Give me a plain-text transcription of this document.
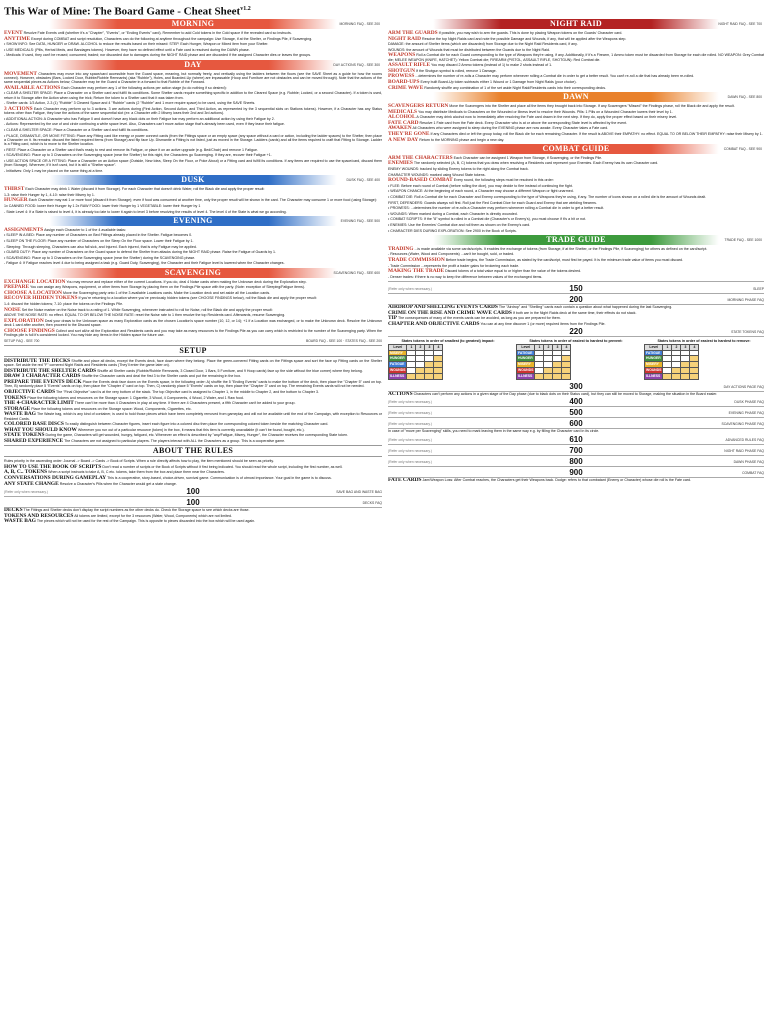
This War of Mine: The Board Game - Cheat Sheet$^{v1.2}$
MORNING	MORNING FAQ - SEE 200

EVENT Resolve Fate Events until (whether it's a "Chapter", "Events", or "Ending Events" card). Remember to add Cold tokens in the Cold space if the revealed card so instructs.

ANYTIME Except during COMBAT and script resolution, Characters can do the following at anytime throughout the campaign: Use Storage, if at the Shelter, or Findings Pile, if Scavenging.

• SHOW INFO: See DATA, HUNGER or DRAW. ALCOHOL to reduce the results based on their missed: STEP. Each Hunger, Weapon or Mixed item from your Shelter.

• USE MEDICALS: (Pills, Herbal Meds, and Bandages tokens). However, they have no defined effect until a Fate card is resolved during the DAWN phase.

- Medicals: If used, they can't be reused; consumed; traded; nor discarded due to damages during the NIGHT RAID phase and are discarded if the assigned Character dies or leaves the groups.

DAY	DAY ACTIONS FAQ - SEE 300

MOVEMENT Characters may move into any space/card accessible from the Guard space, meaning, but normally freely, and vertically using the ladders between the floors (see the SAVE Sheet as a guide for how the rooms connect). However, obstacles (Bars, Locked Door, Rubble/Rubble Remnants) (aka "Rubble"), Holes, and Boarded-Up (where) are impassable (Hoop and Furniture are not obstacles and can be moved through). Note that the actions of the same sequential pieces as Actions below; Character may be the Guard a Character in a forward to that Rubble of the Forward.

AVAILABLE ACTIONS Each Character may perform any 1 of the following actions per action stage (to do nothing if so desired):

• CLEAR A SHELTER SPACE: Place a Character on a Shelter card and fulfill its conditions. Some Shelter cards require something specific in addition to the Cleared Space (e.g. Rubble; Locked, or a second Character). If a token is used, return it to Storage after the Action when using the trick; Return the token to a Shelter card that it was taken from.

- Shelter cards: 1/3 Action, 2-3 (1) "Rubble" 3 Cleared Space and 4 "Rubble" cards (2 "Rubble" and 1 more require space) to be used, using the SAVE Sheets.

3 ACTIONS Each Character may perform up to 3 actions. 3 are actions during (First Action, Second Action, and Third Action, as represented by the 3 sequential slots on Stations tokens). However, if a Character has any Status tokens other than Fatigue, they lose the actions of the same sequential slot (ex: a Character with 2 Misery loses their 2nd and 3rd actions).

• ADDITIONAL ACTION: A Character who has Fatigue 0 and doesn't have any black dots on their Fatigue bar may perform an additional action by using their Fatigue by 2.

- Actions: Represented by the use of and circle continuing a white space level. Also, Characters can't move action stage that's already been used, even if they leave their fatigue.

• CLEAR A SHELTER SPACE: Place a Character on a Shelter card and fulfill its conditions.

• PLACE, DISMANTLE, OR MOVE FITTING: Place any Fitting card like energy or power connect cards (from the Fittings space or an empty space (any space without a card or action, including the ladder spaces) to the Shelter, then place a Character on it. Its remains: discard the listed required items (from Storage) and flip face Up. Dismantle a Fitting is not listed, just as moved in the Storage. Ladders (cards) and all the items required to craft that Fitting to Storage. Ladder is a Fitting card, which is to move to the Shelter location.

• REST: Place a Character on a Shelter card that's ready to rest and remove its Fatigue, or place it on an active upgrade (e.g. Bed/Chair) and remove 1 Fatigue.

• SCAVENGING: Place up to 3 Characters on the Scavenging space (near the Shelter) for this night, the Characters go Scavenging. If they are, recover their Fatigue +1.

• USE ACTION SPACE OR A FITTING: Place a Character on an Action space (Outside, New Idea, Sleep On the Floor, or Poke About) or a Fitting card and fulfill its conditions. If any items are required to use the space/card, discard them (from Storage). Wherever, if it isn't used, but it is still a "Shelter space".

- Initiatives: Only 1 may be placed on the same thing at a time.

DUSK	DUSK FAQ - SEE 400

THIRST Each Character may drink 1 Water (discard it from Storage). For each Character that doesn't drink Water, roll the Black die and apply the proper result:

1-3: raise their Hunger by 1, 4-10: raise their Misery by 1.

HUNGER Each Character may eat 1 or more food (discard it from Storage); even if food was consumed at another time, only the proper result will be shown in the card. The Character may consume 1 or more food (using Storage):

1x CANNED FOOD: lower their Hunger by 1 2x RAW FOOD: lower their Hunger by 1 VEGETABLE: lower their Hunger by 1

- State Level 4: If a State is raised to level 4, it is already too late to lower it again to level 3 before resolving the results of level 4. The level 4 of the State is what we go according.

EVENING	EVENING FAQ - SEE 500

ASSIGNMENTS Assign each Character to 1 of the 4 available tasks:

• SLEEP IN A BED: Place any number of Characters on Bed Fittings already placed in the Shelter. Fatigue becomes 0.

• SLEEP ON THE FLOOR: Place any number of Characters on the Sleep On the Floor space. Lower their Fatigue by 1.

- Sleeping: Through sleeping, Characters can also fall sick, and Injured. Each injured, that is why Fatigue may be applied.

• GUARD DUTY: Place any number of Characters on the Guard space to defend the Shelter from attacks during the NIGHT RAID phase. Raise the Fatigue of Guards by 1.

• SCAVENGING: Place up to 3 Characters on the Scavenging space (near the Shelter) during the SCAVENGING phase.

- Fatigue 4: If Fatigue reaches level 4 due to being assigned a task (e.g. Guard Duty, Scavenging), the Character and their Fatigue level is lowered when the Character changes.

SCAVENGING	SCAVENGING FAQ - SEE 600

EXCHANGE LOCATION You may remove and replace either of the current Locations. If you do, deal 4 Noise cards when making the Unknown deck during the Exploration step.

PREPARE You can assign any Weapons, equipment, or other items from Storage by placing them on the Findings Pile space with the party. (Note: exception of Sleeping/Fatigue items).

CHOOSE A LOCATION Move the Scavenging party onto 1 of the 3 available Locations cards. Make the Location deck and set aside all the Location cards.

RECOVER HIDDEN TOKENS If you're returning to a location where you've previously hidden tokens (see CHOOSE FINDINGS below), roll the Black die and apply the proper result:

1-4: discard the hidden tokens; 7-10: place the tokens on the Findings Pile.

NOISE Set the Noise marker on the Noise track to a rating of 1. While Scavenging, whenever instructed to roll for Noise, roll the Black die and apply the proper result:

ABOVE THE NOISE RATE: no effect. EQUAL TO OR BELOW THE NOISE RATE: reset the Noise rate to 1 then resolve the top Residents card. Afterwards, resume Scavenging.

EXPLORATION Deal your draws to the Unknown space as many Exploration cards as the chosen Location's space number (10, 12, or 14); +1 if a Location was exchanged, or to make the Unknown deck. Resolve the Unknown deck 1 card after another, then proceed to the Discard space.

CHOOSE FINDINGS Collect and sort all/or all the Exploration and Residents cards and you may take as many resources to the Findings Pile as you can carry which is restricted to the number of the Scavenging party. When the Findings pile is full it's considered locked. You may hide any items in the Hidden space for future use.

SETUP FAQ - SEE 700	BOARD FAQ - SEE 100 · STATES FAQ - SEE 200
SETUP

DISTRIBUTE THE DECKS Shuffle and place all decks, except the Events deck, face down where they belong. Place the green-cornered Fitting cards on the Fittings space and sort the face up Fitting cards on the Shelter space. Set aside the red "F" cornered Night Raids and Residents cards (They'll enter the game later on).

DISTRIBUTE THE SHELTER CARDS Shuffle all Shelter cards (Rubble/Rubble Remnants, 3 Closed Door, 1 Bars, 5 Furniture, and 9 Hoop cards) face up the side without the blue corner) where they belong.

DRAW 3 CHARACTER CARDS Shuffle the Character cards and deal the first 3 to the Shelter cards and put the remaining in the box.

PREPARE THE EVENTS DECK Place the Events deck face down on the Events space, in the following order: A) shuffle the 5 "Ending Events" cards to make the bottom of the deck, then place the "Chapter 5" card on top. Then, B) randomly place 5 "Events" cards on top, then place the "Chapter 4" card on top. Then, C) randomly place 5 "Events" cards on top, then place the "Chapter 3" card on top. The remaining Events cards will not be needed.

OBJECTIVE CARDS The "Final Objective" card is at the very bottom of the stack. The top Objective card is assigned to Chapter 1, in the middle to Chapter 2, and the bottom to Chapter 3.

TOKENS Place the following tokens and resources on the Storage space: 1 Cigarette, 3 Wood, 4 Components, 4 Wood, 2 Water, and 1 Raw food.

THE 4-CHARACTER LIMIT There can't be more than 4 Characters in play at any time. If there are 4 Characters present, a fifth Character can't be added to your group.

STORAGE Place the following tokens and resources on the Storage space: Wood, Components, Cigarettes, etc.

WASTE BAG The Waste bag, which is any kind of container, is used to hold those pieces which have been completely removed from gameplay and will not be available until the end of the Campaign, with exception to Resources or Resident Cards.

COLORED BASE DISCS To easily distinguish between Character figures, insert each figure into a colored disc then place the corresponding colored token beside the matching Character card.

WHAT YOU SHOULD KNOW Whenever you run out of a particular resource (token) in the box, it means that this item is currently unavailable (it can't be found, bought, etc.).

STATE TOKENS During the game, Characters will get wounded, hungry, fatigued, etc. Whenever an effect is described by "any/Fatigue, Misery, Hunger", the Character receives the corresponding State token.

SHARED EXPERIENCE The Characters are not assigned to particular players. The players interact with ALL the Characters as a group. This is a cooperative game.

ABOUT THE RULES

Rules priority in the ascending order: Journal -> Board -> Cards -> Book of Scripts. When a rule directly affects how to play, the item mentioned should be seen as priority.

HOW TO USE THE BOOK OF SCRIPTS Don't read a number of scripts or the Book of Scripts without it first being indicated. You should read the whole script, including the first number, as well.

A, B, C.. TOKENS When a script instructs to take A, B, C etc. tokens, take them from the box and place them near the Characters.

CONVERSATIONS DURING GAMEPLAY This is a cooperative, story-based, choice-driven, survival game. Communication is of utmost importance. Your goal in the game is to discuss.

ANY STATE CHANGE Resolve a Character's Pills when the Character would get a state change.

(Refer only when necessary.)	100	SAVE BAG AND WASTE BAG
100	DECKS FAQ

DECKS The Fittings and Shelter decks don't display the script numbers as the other decks do. Check the Storage space to see which decks are those.

TOKENS AND RESOURCES All tokens are limited, except for the 3 resources (Water, Wood, Components) which are not limited.

WASTE BAG The pieces which will not be used for the rest of the Campaign. This is opposite to pieces discarded into the box which will be used again.

NIGHT RAID	NIGHT RAID FAQ - SEE 700

ARM THE GUARDS If possible, you may wish to arm the guards. This is done by placing Weapon tokens on the Guards' Character card.

NIGHT RAID Resolve the top Night Raids card and note the possible Damage and Wounds, if any, that will be applied after the Weapons step.

DAMAGE: the amount of Shelter items (which are discarded) from Storage due to the Night Raid Residents card, if any.

WOUNDS: the amount of Wounds that must be distributed between the Guards due to the Night Raid.

WEAPONS Roll a Combat die for each Guard corresponding to the type of Weapons they're using, if any. Additionally, if it's a Firearm, 1 Ammo token must be discarded from Storage for each die rolled. NO WEAPON: Grey Combat die; MELEE WEAPON (KNIFE, HATCHET): Yellow Combat die; FIREARM (PISTOL, ASSAULT RIFLE, SHOTGUN): Red Combat die.

ASSAULT RIFLE You may discard 2 Ammo tokens (instead of 1) to make 2 shots instead of 1.

SHOTGUN If the Shotgun symbol is rolled, remove 1 Damage.

PROWESS ...determines the number of re-rolls a Character may perform whenever rolling a Combat die in order to get a better result. You can't re-roll a die that has already been re-rolled.

BOARD-UPS Every built Board-Up token subtracts either 1 Wound or 1 Damage from Night Raids (your choice).

CRIME WAVE Randomly shuffle any combination of 1 of the set aside Night Raid/Residents cards into their corresponding decks.

DAWN	DAWN FAQ - SEE 800

SCAVENGERS RETURN Move the Scavengers into the Shelter and place all the items they brought back into Storage. If any Scavengers "Missed" the Findings phase, roll the Black die and apply the result.

MEDICALS You may distribute Medicals to Characters on the Wounded or Illness level to resolve their Wounds. Pills: 1 Pills on a Wounded Character lowers their level by 1.

ALCOHOL A Character may drink alcohol now to immediately after resolving the Fate card drawn in the next step. If they do, apply the proper effect based on their misery level.

FATE CARD Resolve 1 Fate card from the Fate deck. Every Character who is at or above the corresponding State level is affected by the event.

AWAKEN All Characters who were assigned to sleep during the EVENING phase are now awake. Every Character takes a Fate card.

THEY'RE GONE If any Characters died or left the group today, roll the Black die for each remaining Character. If the result is ABOVE their EMPATHY: no effect. EQUAL TO OR BELOW THEIR EMPATHY: raise their Misery by 1.

A NEW DAY Return to the MORNING phase and begin a new day.

COMBAT GUIDE	COMBAT FAQ - SEE 900

ARM THE CHARACTERS Each Character can be assigned 1 Weapon from Storage, if Scavenging, or the Findings Pile.

ENEMIES The randomly selected (A, B, C) tokens that you draw when resolving a Residents card represent your Enemies. Each Enemy has its own Character card.

ENEMY WOUNDS: tracked by sliding Enemy tokens to the right along the Combat track.

CHARACTER WOUNDS: marked using Wound State tokens.

ROUND-BASED COMBAT Every round, the following steps must be resolved in this order:

• FLEE: Before each round of Combat (before rolling the dice), you may decide to flee instead of continuing the fight.

• WEAPON CHANCE: At the beginning of each round, a Character may choose a different Weapon or fight unarmed.

• COMBAT DIE: Roll a Combat die for each Character and Enemy corresponding to the type of Weapons they're using, if any. The number of icons shown on a rolled die is the amount of Wounds dealt.

FIRST, DEFENDERS: Guards always roll first. Roll just the Red Combat Dice for each Guard and Enemy that are wielding firearms.

• PROWESS: ...determines the number of re-rolls a Character may perform whenever rolling a Combat die in order to get a better result.

• WOUNDS: When marked during a Combat, each Character is directly wounded.

• COMBAT SCRIPTS: If the "8" symbol is rolled in a Combat die (Character's or Enemy's), you must choose if it's a hit or not.

• ENEMIES: Use the Enemies' Combat dice and roll them as shown on the Enemy's card.

• CHARACTER DIES DURING EXPLORATION: See 2900 in the Book of Scripts.

TRADE GUIDE	TRADE FAQ - SEE 1000

TRADING ...is made available via some cards/scripts. It enables the exchange of tokens (from Storage, if at the Shelter, or the Findings Pile, if Scavenging) for others as defined on the card/script.

- Resources (Water, Wood and Components) ...can't be bought, sold, or traded.

TRADE COMMISSION Before trade begins, the Trade Commission, as stated by the card/script, must first be payed. It is the minimum trade value of items you must discard.

- Trade Commission ...represents the profit a trader gains for brokering each trade.

MAKING THE TRADE Discard tokens of a total value equal to or higher than the value of the tokens desired.

- Denser trades: if there is no way to keep the difference between values of the exchanged items.

(Refer only when necessary.)	150	SLEEP
200	MORNING PHASE FAQ

AIRDROP AND SHELLING EVENTS CARDS The "Airdrop" and "Shelling" cards each contain a question about what happened during the last Scavenging.

CRIME ON THE RISE AND CRIME WAVE CARDS If both are in the Night Raids deck at the same time, their effects do not stack.

TIP The consequences of many of the events cards can be avoided, as long as you are prepared for them.

CHAPTER AND OBJECTIVE CARDS You can at any time discover 1 (or more) required items from the Findings Pile.

220	STATE TOKENS FAQ
States tokens in order of smallest (to greatest) impact:
Level	1	2	3	4
MISERY				
HUNGER				
FATIGUE				
WOUNDS				
ILLNESS				
States tokens in order of easiest to hardest to prevent:
Level	1	2	3	4
FATIGUE				
HUNGER				
MISERY				
WOUNDS				
ILLNESS				
States tokens in order of easiest to hardest to remove:
Level	1	2	3	4
FATIGUE				
HUNGER				
MISERY				
WOUNDS				
ILLNESS				
300	DAY ACTIONS PAGE FAQ

ACTIONS Characters can't perform any actions in a given stage of the Day phase (due to black dots on their Status card), but they can still be moved to Storage, making the situation in the Board easier.

(Refer only when necessary.)	400	DUSK PHASE FAQ
(Refer only when necessary.)	500	EVENING PHASE FAQ
(Refer only when necessary.)	600	SCAVENGING PHASE FAQ

In case of "move per Scavenging" skills, you need to mark leaving them in the same way e.g. by filling the Character card in its circle.

(Refer only when necessary.)	610	ADVANCED RULES FAQ
(Refer only when necessary.)	700	NIGHT RAID PHASE FAQ
(Refer only when necessary.)	800	DAWN PHASE FAQ
900	COMBAT FAQ

FATE CARDS Jam/Weapon Loss: After Combat reaches, the Characters get their Weapons back. Dodge: refers to that combatant (Enemy or Character) whose die roll is the Fate card.
